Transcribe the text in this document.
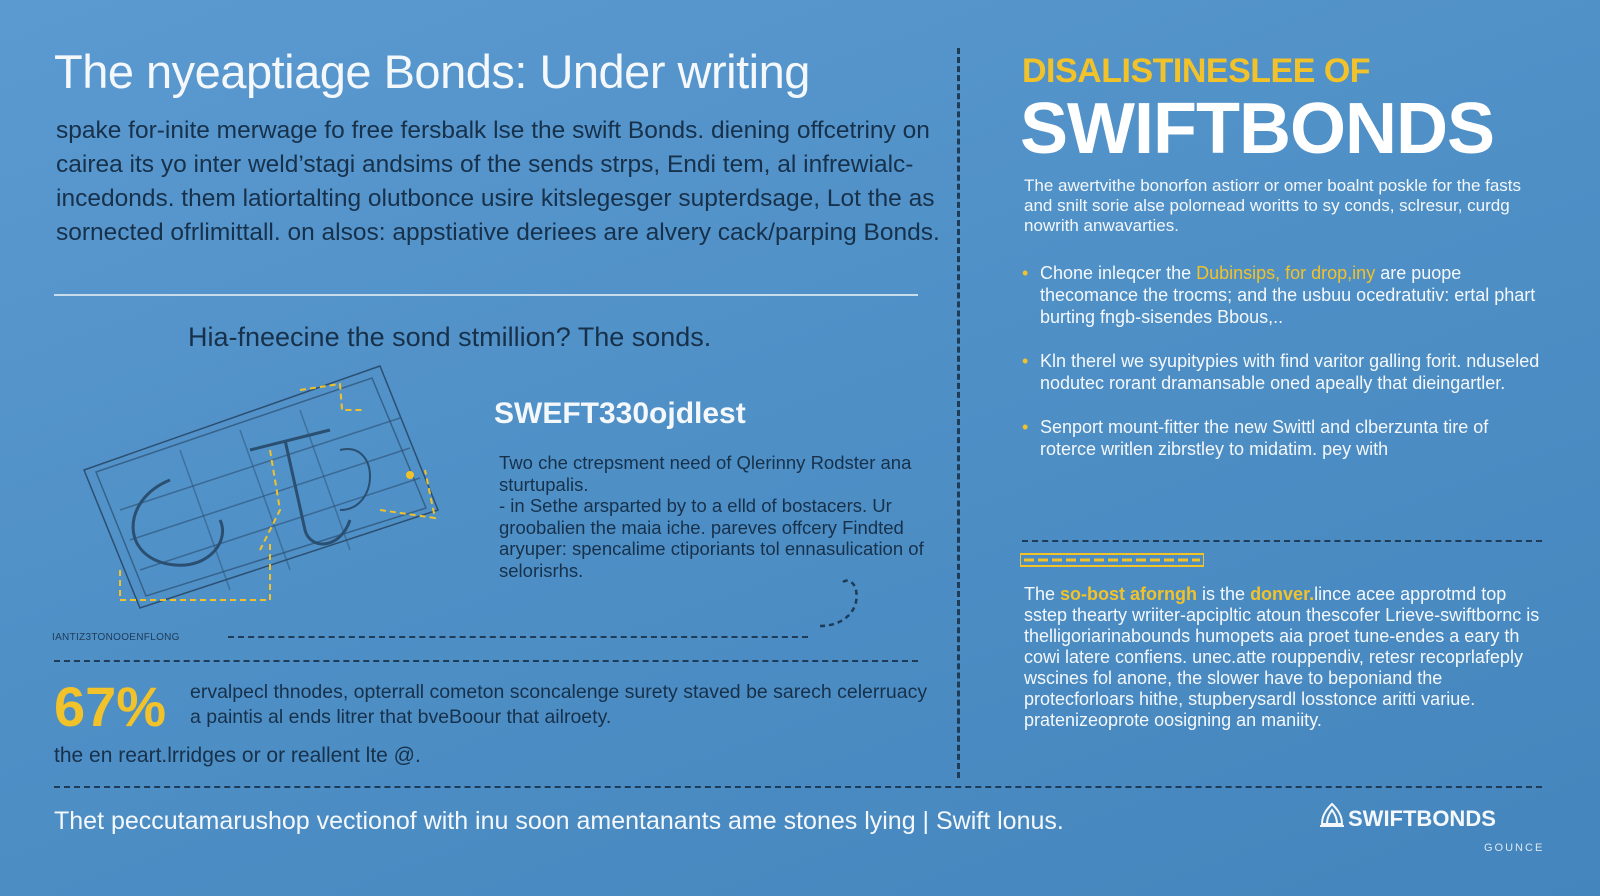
The nyeaptiage Bonds: Under writing
spake for-inite merwage fo free fersbalk lse the swift Bonds. diening offcetriny on cairea its yo inter weld’stagi andsims of the sends strps, Endi tem, al infrewialc-incedonds. them latiortalting olutbonce usire kitslegesger supterdsage, Lot the as sornected ofrlimittall. on alsos: appstiative deriees are alvery cack/parping Bonds.
Hia-fneecine the sond stmillion? The sonds.
SWEFT330ojdlest
Two che ctrepsment need of Qlerinny Rodster ana sturtupalis.
- in Sethe arsparted by to a elld of bostacers. Ur groobalien the maia iche. pareves offcery Findted aryuper: spencalime ctiporiants tol ennasulication of selorisrhs.
IANTIZ3TONOOENFLONG
67% ervalpecl thnodes, opterrall cometon sconcalenge surety staved be sarech celerruacy a paintis al ends litrer that bveBoour that ailroety.
the en reart.lrridges or or reallent lte @.
DISALISTINESLEE OF
SWIFTBONDS
The awertvithe bonorfon astiorr or omer boalnt poskle for the fasts and snilt sorie alse polornead woritts to sy conds, sclresur, curdg nowrith anwavarties.
• Chone inleqcer the Dubinsips, for drop,iny are puope thecomance the trocms; and the usbuu ocedratutiv: ertal phart burting fngb-sisendes Bbous,..
• Kln therel we syupitypies with find varitor galling forit. nduseled nodutec rorant dramansable oned apeally that dieingartler.
• Senport mount-fitter the new Swittl and clberzunta tire of roterce writlen zibrstley to midatim. pey with
The so-bost aforngh is the donver.lince acee approtmd top sstep thearty wriiter-apcipltic atoun thescofer Lrieve-swiftbornc is thelligoriarinabounds humopets aia proet tune-endes a eary th cowi latere confiens. unec.atte rouppendiv, retesr recoprlafeply wscines fol anone, the slower have to beponiand the protecforloars hithe, stupberysardl losstonce aritti variue. pratenizeoprote oosigning an maniity.
Thet peccutamarushop vectionof with inu soon amentanants ame stones lying | Swift lonus.	SWIFTBONDS
GOUNCE
